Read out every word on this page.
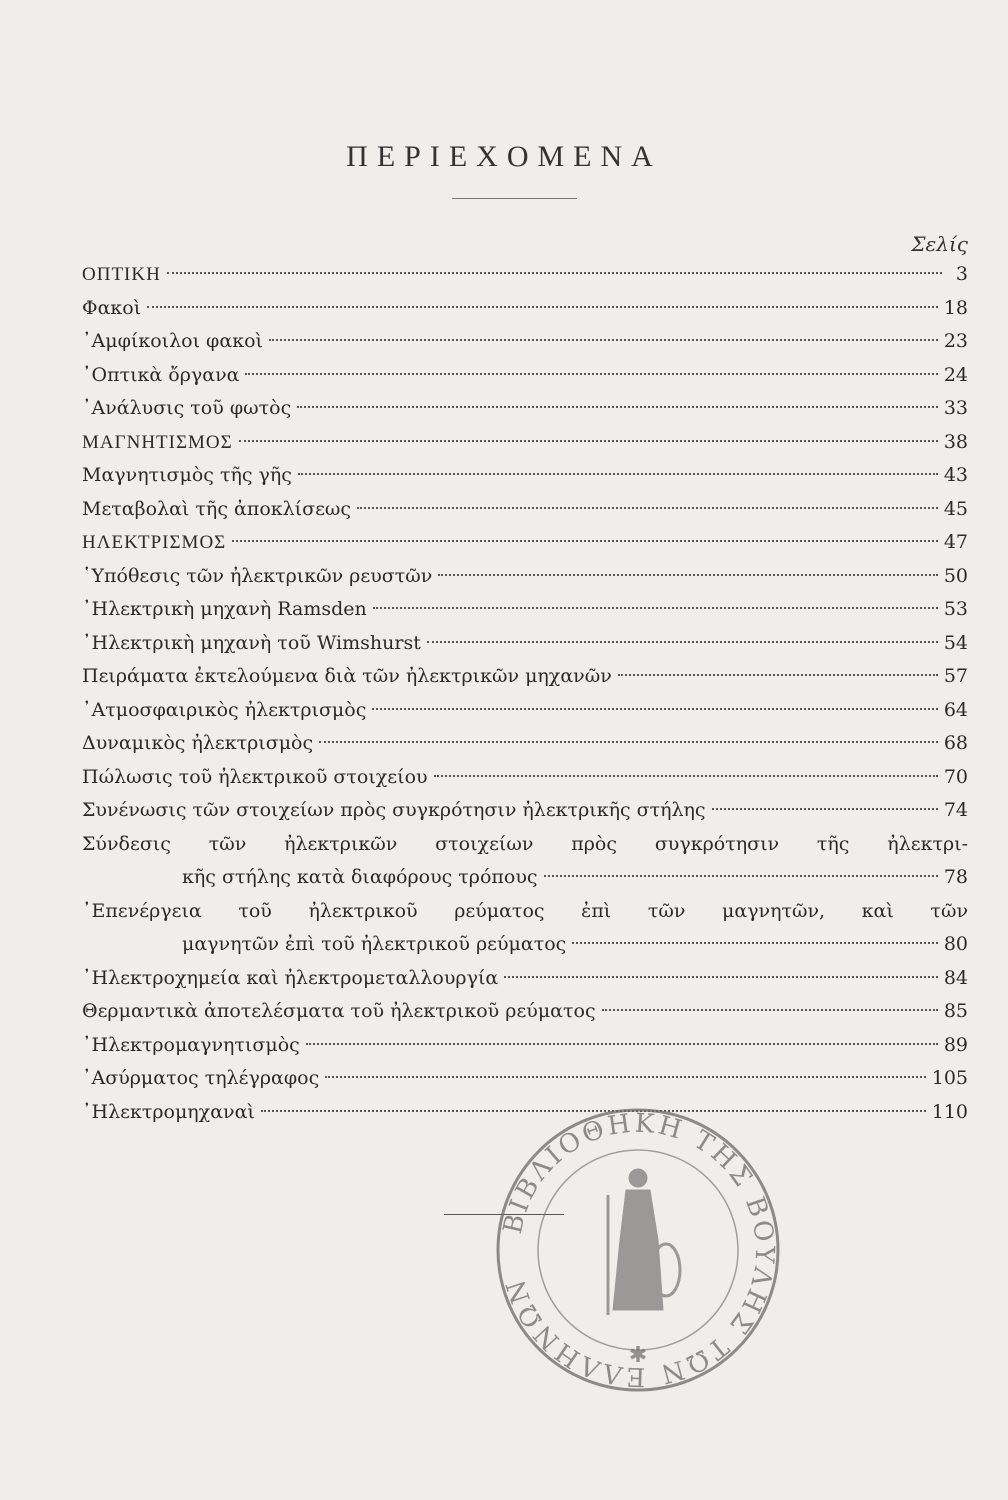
ΠΕΡΙΕΧΟΜΕΝΑ
Σελίς
ΟΠΤΙΚΗ	3
Φακοὶ	18
᾿Αμφίκοιλοι φακοὶ	23
᾿Οπτικὰ ὄργανα	24
᾿Ανάλυσις τοῦ φωτὸς	33
ΜΑΓΝΗΤΙΣΜΟΣ	38
Μαγνητισμὸς τῆς γῆς	43
Μεταβολαὶ τῆς ἀποκλίσεως	45
ΗΛΕΚΤΡΙΣΜΟΣ	47
῾Υπόθεσις τῶν ἠλεκτρικῶν ρευστῶν	50
᾿Ηλεκτρικὴ μηχανὴ Ramsden	53
᾿Ηλεκτρικὴ μηχανὴ τοῦ Wimshurst	54
Πειράματα ἐκτελούμενα διὰ τῶν ἠλεκτρικῶν μηχανῶν	57
᾿Ατμοσφαιρικὸς ἠλεκτρισμὸς	64
Δυναμικὸς ἠλεκτρισμὸς	68
Πώλωσις τοῦ ἠλεκτρικοῦ στοιχείου	70
Συνένωσις τῶν στοιχείων πρὸς συγκρότησιν ἠλεκτρικῆς στήλης	74
Σύνδεσις τῶν ἠλεκτρικῶν στοιχείων πρὸς συγκρότησιν τῆς ἠλεκτρι-
κῆς στήλης κατὰ διαφόρους τρόπους	78
᾿Επενέργεια τοῦ ἠλεκτρικοῦ ρεύματος ἐπὶ τῶν μαγνητῶν, καὶ τῶν
μαγνητῶν ἐπὶ τοῦ ἠλεκτρικοῦ ρεύματος	80
᾿Ηλεκτροχημεία καὶ ἠλεκτρομεταλλουργία	84
Θερμαντικὰ ἀποτελέσματα τοῦ ἠλεκτρικοῦ ρεύματος	85
᾿Ηλεκτρομαγνητισμὸς	89
᾿Ασύρματος τηλέγραφος	105
᾿Ηλεκτρομηχαναὶ	110
ΒΙΒΛΙΟΘΗΚΗ ΤΗΣ ΒΟΥΛΗΣ ΤΩΝ ΕΛΛΗΝΩΝ
✱
